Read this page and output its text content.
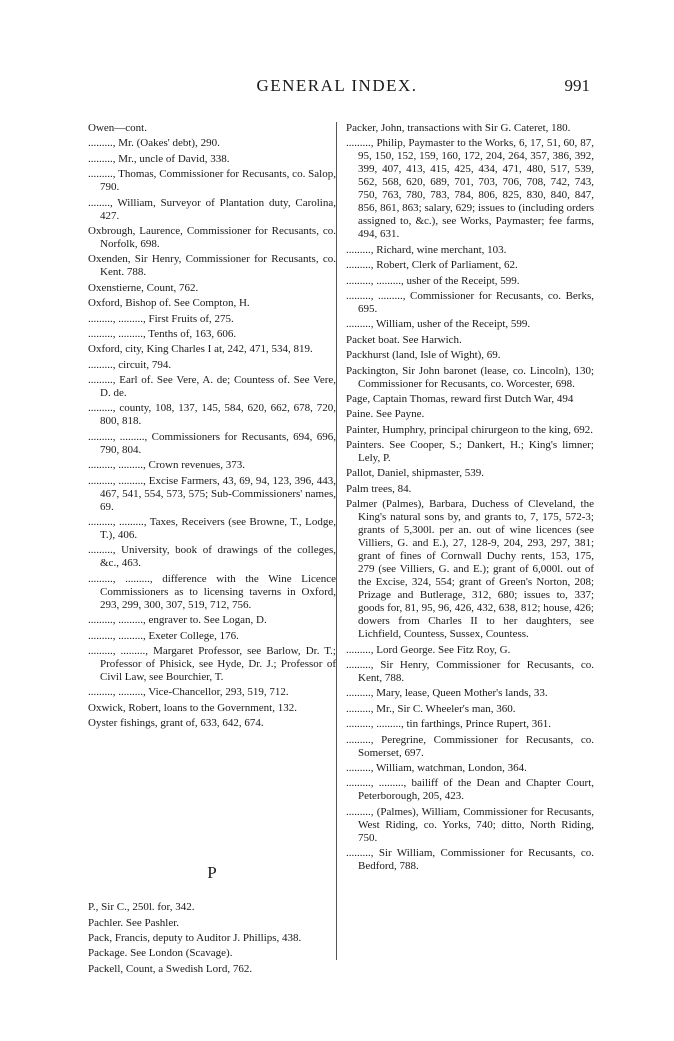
GENERAL INDEX.	991

Owen—cont.

........., Mr. (Oakes' debt), 290.

........., Mr., uncle of David, 338.

........., Thomas, Commissioner for Recusants, co. Salop, 790.

........, William, Surveyor of Plantation duty, Carolina, 427.

Oxbrough, Laurence, Commissioner for Recusants, co. Norfolk, 698.

Oxenden, Sir Henry, Commissioner for Recusants, co. Kent. 788.

Oxenstierne, Count, 762.

Oxford, Bishop of. See Compton, H.

........., ........., First Fruits of, 275.

........., ........., Tenths of, 163, 606.

Oxford, city, King Charles I at, 242, 471, 534, 819.

........., circuit, 794.

........., Earl of. See Vere, A. de; Countess of. See Vere, D. de.

........., county, 108, 137, 145, 584, 620, 662, 678, 720, 800, 818.

........., ........., Commissioners for Recusants, 694, 696, 790, 804.

........., ........., Crown revenues, 373.

........., ........., Excise Farmers, 43, 69, 94, 123, 396, 443, 467, 541, 554, 573, 575; Sub-Commissioners' names, 69.

........., ........., Taxes, Receivers (see Browne, T., Lodge, T.), 406.

........., University, book of drawings of the colleges, &c., 463.

........., ........., difference with the Wine Licence Commissioners as to licensing taverns in Oxford, 293, 299, 300, 307, 519, 712, 756.

........., ........., engraver to. See Logan, D.

........., ........., Exeter College, 176.

........., ........., Margaret Professor, see Barlow, Dr. T.; Professor of Phisick, see Hyde, Dr. J.; Professor of Civil Law, see Bourchier, T.

........., ........., Vice-Chancellor, 293, 519, 712.

Oxwick, Robert, loans to the Government, 132.

Oyster fishings, grant of, 633, 642, 674.

P

P., Sir C., 250l. for, 342.

Pachler. See Pashler.

Pack, Francis, deputy to Auditor J. Phillips, 438.

Package. See London (Scavage).

Packell, Count, a Swedish Lord, 762.

Packer, John, transactions with Sir G. Cateret, 180.

........., Philip, Paymaster to the Works, 6, 17, 51, 60, 87, 95, 150, 152, 159, 160, 172, 204, 264, 357, 386, 392, 399, 407, 413, 415, 425, 434, 471, 480, 517, 539, 562, 568, 620, 689, 701, 703, 706, 708, 742, 743, 750, 763, 780, 783, 784, 806, 825, 830, 840, 847, 856, 861, 863; salary, 629; issues to (including orders assigned to, &c.), see Works, Paymaster; fee farms, 494, 631.

........., Richard, wine merchant, 103.

........., Robert, Clerk of Parliament, 62.

........., ........., usher of the Receipt, 599.

........., ........., Commissioner for Recusants, co. Berks, 695.

........., William, usher of the Receipt, 599.

Packet boat. See Harwich.

Packhurst (land, Isle of Wight), 69.

Packington, Sir John baronet (lease, co. Lincoln), 130; Commissioner for Recusants, co. Worcester, 698.

Page, Captain Thomas, reward first Dutch War, 494

Paine. See Payne.

Painter, Humphry, principal chirurgeon to the king, 692.

Painters. See Cooper, S.; Dankert, H.; King's limner; Lely, P.

Pallot, Daniel, shipmaster, 539.

Palm trees, 84.

Palmer (Palmes), Barbara, Duchess of Cleveland, the King's natural sons by, and grants to, 7, 175, 572-3; grants of 5,300l. per an. out of wine licences (see Villiers, G. and E.), 27, 128-9, 204, 293, 297, 381; grant of fines of Cornwall Duchy rents, 153, 175, 279 (see Villiers, G. and E.); grant of 6,000l. out of the Excise, 324, 554; grant of Green's Norton, 208; Prizage and Butlerage, 312, 680; issues to, 337; goods for, 81, 95, 96, 426, 432, 638, 812; house, 426; dowers from Charles II to her daughters, see Lichfield, Countess, Sussex, Countess.

........., Lord George. See Fitz Roy, G.

........., Sir Henry, Commissioner for Recusants, co. Kent, 788.

........., Mary, lease, Queen Mother's lands, 33.

........., Mr., Sir C. Wheeler's man, 360.

........., ........., tin farthings, Prince Rupert, 361.

........., Peregrine, Commissioner for Recusants, co. Somerset, 697.

........., William, watchman, London, 364.

........., ........., bailiff of the Dean and Chapter Court, Peterborough, 205, 423.

........., (Palmes), William, Commissioner for Recusants, West Riding, co. Yorks, 740; ditto, North Riding, 750.

........., Sir William, Commissioner for Recusants, co. Bedford, 788.
